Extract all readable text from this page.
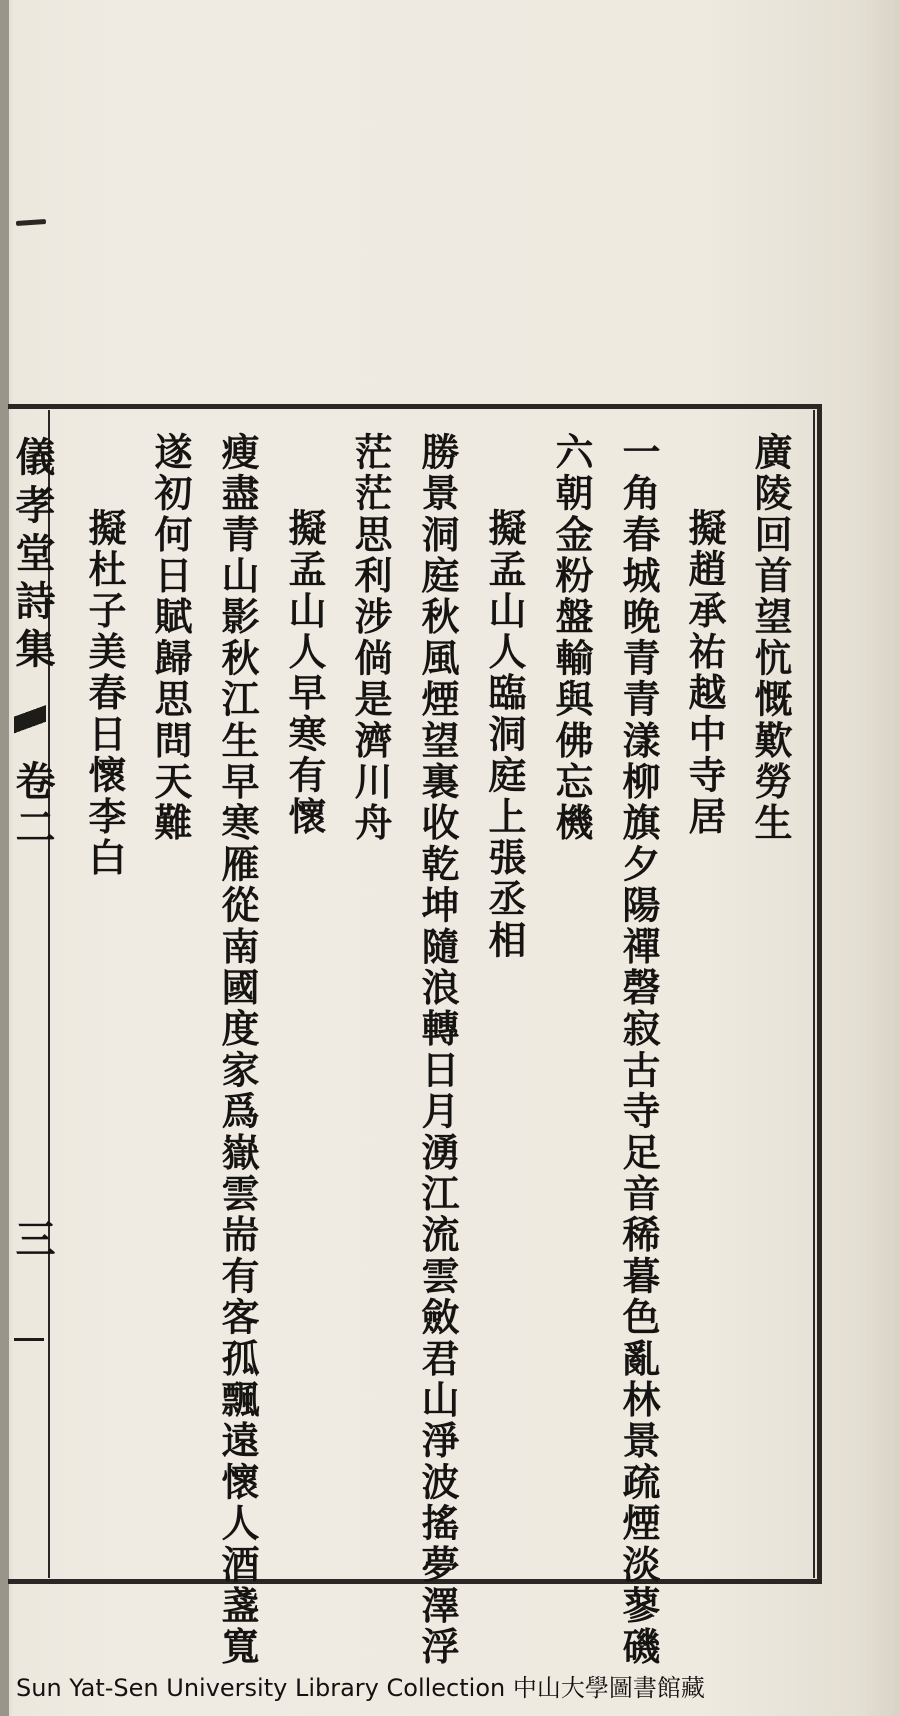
儀孝堂詩集
卷二
三
廣陵回首望忼慨歎勞生
擬趙承祐越中寺居
一角春城晚青青漾柳旗夕陽禪磬寂古寺足音稀暮色亂林景疏煙淡蓼磯
六朝金粉盤輸與佛忘機
擬孟山人臨洞庭上張丞相
勝景洞庭秋風煙望裏收乾坤隨浪轉日月湧江流雲斂君山淨波搖夢澤浮
茫茫思利涉倘是濟川舟
擬孟山人早寒有懷
瘦盡青山影秋江生早寒雁從南國度家爲嶽雲耑有客孤飄遠懷人酒盞寬
遂初何日賦歸思問天難
擬杜子美春日懷李白
Sun Yat-Sen University Library Collection 中山大學圖書館藏
